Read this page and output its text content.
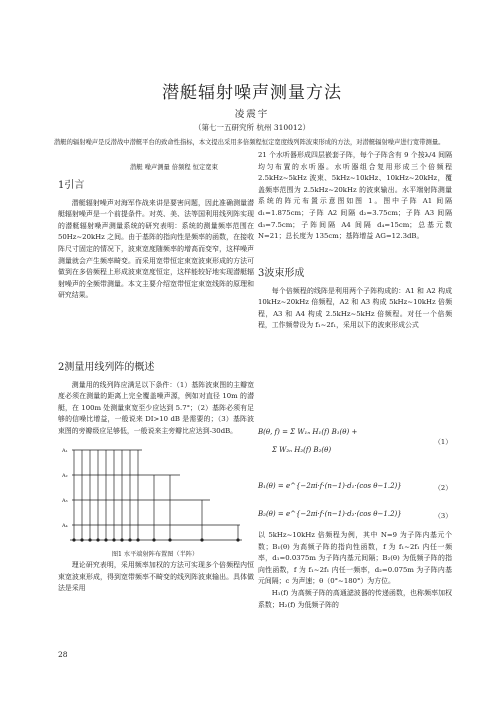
潜艇辐射噪声测量方法
凌震宇
（第七一五研究所 杭州 310012）
潜艇的辐射噪声是反潜战中潜艇平台的致命性指标，本文提出采用多倍频程恒定宽度线列阵波束形成的方法，对潜艇辐射噪声进行宽带测量。
潜艇 噪声测量 倍频程 恒定宽束
1引言

潜艇辐射噪声对海军作战来讲是要害问题，因此准确测量潜艇辐射噪声是一个前提条件。对英、美、法等国利用线列阵实现的潜艇辐射噪声测量系统的研究表明：系统的测量频率范围在 50Hz~20kHz 之间。由于基阵的指向性是频率的函数，在接收阵尺寸固定的情况下，波束宽度随频率的增高而变窄，这样噪声测量就会产生频率畸变。而采用宽带恒定束宽波束形成的方法可做到在多倍频程上形成波束宽度恒定，这样能较好地实现潜艇辐射噪声的全频带测量。本文主要介绍宽带恒定束宽线阵的原理和研究结果。

2测量用线列阵的概述

测量用的线列阵应满足以下条件：（1）基阵波束图的主瓣宽度必须在测量的距离上完全覆盖噪声源，例如对直径 10m 的潜艇，在 100m 处测量束宽至少应达到 5.7°；（2）基阵必须有足够的信噪比增益，一般说来 DI>10 dB 是需要的；（3）基阵波束图的旁瓣级应足够低，一般说来主旁瓣比应达到-30dB。

A₁
A₂
A₃
A₄
图1 水平端射阵布置图（半阵）

理论研究表明，采用频率加权的方法可实现多个倍频程内恒束宽波束形成，得到宽带频率不畸变的线列阵波束输出。具体做法是采用

21 个水听器形成四层嵌套子阵，每个子阵含有 9 个按λ/4 间隔均匀布置的水听器。水听器组合复用形成三个倍频程 2.5kHz~5kHz 波束、5kHz~10kHz、10kHz~20kHz，覆盖频率范围为 2.5kHz~20kHz 的波束输出。水平端射阵测量系统的阵元布置示意图如图 1。图中子阵 A1 间隔 d₁=1.875cm；子阵 A2 间隔 d₂=3.75cm；子阵 A3 间隔 d₃=7.5cm；子阵间隔 A4 间隔 d₄=15cm；总基元数 N=21；总长度为 135cm；基阵增益 AG=12.3dB。

3波束形成

每个倍频程的线阵是利用两个子阵构成的：A1 和 A2 构成 10kHz~20kHz 倍频程，A2 和 A3 构成 5kHz~10kHz 倍频程，A3 和 A4 构成 2.5kHz~5kHz 倍频程。对任一个倍频程，工作频带设为 f₁~2f₁，采用以下的波束形成公式

B(θ, f) = Σ W₁ₙ H₁(f) B₁(θ) +
Σ W₂ₙ H₂(f) B₂(θ)
（1）
B₁(θ) = e^{−2πi·f·(n−1)·d₁·(cos θ−1.2)}	（2）
B₂(θ) = e^{−2πi·f·(n−1)·d₂·(cos θ−1.2)}	（3）

以 5kHz~10kHz 倍频程为例，其中 N=9 为子阵内基元个数；B₁(θ) 为高频子阵的指向性函数，f 为 f₁~2f₁ 内任一频率，d₁=0.0375m 为子阵内基元间隔；B₂(θ) 为低频子阵的指向性函数，f 为 f₁~2f₁ 内任一频率，d₂=0.075m 为子阵内基元间隔；c 为声速；θ（0°~180°）为方位。

H₁(f) 为高频子阵的高通滤波器的传递函数，也称频率加权系数；H₂(f) 为低频子阵的

28
